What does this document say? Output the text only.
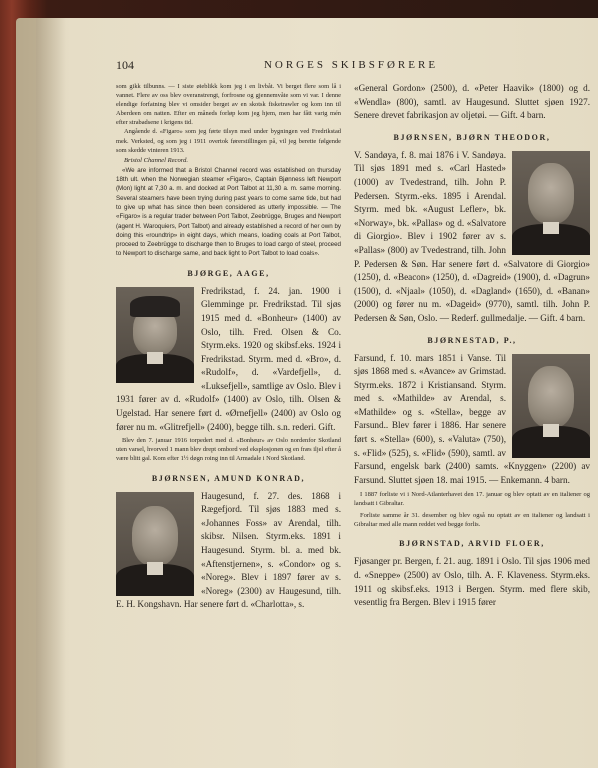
104	NORGES SKIBSFØRERE

som gikk tilbunns. — I siste øieblikk kom jeg i en livbåt. Vi berget flere som lå i vannet. Flere av oss blev overanstrengt, forfrosne og gjennemvåte som vi var. I denne elendige forfatning blev vi omsider berget av en skotsk fisketrawler og kom inn til Aberdeen om natten. Efter en måneds forløp kom jeg hjem, men har fått varig mén efter strabadsene i krigens tid.

Angående d. «Figaro» som jeg førte tilsyn med under bygningen ved Fredrikstad mek. Verksted, og som jeg i 1911 overtok førerstillingen på, vil jeg berette følgende som skedde vinteren 1913.

Bristol Channel Record.

«We are informed that a Bristol Channel record was established on thursday 18th ult. when the Norwegian steamer «Figaro», Captain Bjønness left Newport (Mon) light at 7,30 a. m. and docked at Port Talbot at 11,30 a. m. same morning. Several steamers have been trying during past years to come same tide, but had to give up what has since then been considered as utterly impossible. — The «Figaro» is a regular trader between Port Talbot, Zeebrügge, Bruges and Newport (agent H. Waroquiers, Port Talbot) and already established a record of her own by doing this «roundtrip» in eight days, which means, loading coals at Port Talbot, proceed to Zeebrügge to discharge then to Bruges to load cargo of steel, proceed to Newport to discharge same, and back light to Port Talbot to load coals».

BJØRGE, AAGE,

Fredrikstad, f. 24. jan. 1900 i Glemminge pr. Fredrikstad. Til sjøs 1915 med d. «Bonheur» (1400) av Oslo, tilh. Fred. Olsen & Co. Styrm.eks. 1920 og skibsf.eks. 1924 i Fredrikstad. Styrm. med d. «Bro», d. «Rudolf», d. «Vardefjell», d. «Luksefjell», samtlige av Oslo. Blev i 1931 fører av d. «Rudolf» (1400) av Oslo, tilh. Olsen & Ugelstad. Har senere ført d. «Ørnefjell» (2400) av Oslo og fører nu m. «Glitrefjell» (2400), begge tilh. s.n. rederi. Gift.

Blev den 7. januar 1916 torpedert med d. «Bonheur» av Oslo nordenfor Skotland uten varsel, hvorved 1 mann blev drept ombord ved eksplosjonen og en fræs iljel efter å være blitt gal. Kom efter 1½ døgn roing inn til Armadale i Nord Skotland.

BJØRNSEN, AMUND KONRAD,

Haugesund, f. 27. des. 1868 i Rægefjord. Til sjøs 1883 med s. «Johannes Foss» av Arendal, tilh. skibsr. Nilsen. Styrm.eks. 1891 i Haugesund. Styrm. bl. a. med bk. «Aftenstjernen», s. «Condor» og s. «Noreg». Blev i 1897 fører av s. «Noreg» (2300) av Haugesund, tilh. E. H. Kongshavn. Har senere ført d. «Charlotta», s.

«General Gordon» (2500), d. «Peter Haavik» (1800) og d. «Wendla» (800), samtl. av Haugesund. Sluttet sjøen 1927. Senere drevet fabrikasjon av oljetøi. — Gift. 4 barn.

BJØRNSEN, BJØRN THEODOR,

V. Sandøya, f. 8. mai 1876 i V. Sandøya. Til sjøs 1891 med s. «Carl Hasted» (1000) av Tvedestrand, tilh. John P. Pedersen. Styrm.-eks. 1895 i Arendal. Styrm. med bk. «August Lefler», bk. «Norway», bk. «Pallas» og d. «Salvatore di Giorgio». Blev i 1902 fører av s. «Pallas» (800) av Tvedestrand, tilh. John P. Pedersen & Søn. Har senere ført d. «Salvatore di Giorgio» (1250), d. «Beacon» (1250), d. «Dagreid» (1900), d. «Dagrun» (1500), d. «Njaal» (1050), d. «Dagland» (1650), d. «Banan» (2000) og fører nu m. «Dageid» (9770), samtl. tilh. John P. Pedersen & Søn, Oslo. — Rederf. gullmedalje. — Gift. 4 barn.

BJØRNESTAD, P.,

Farsund, f. 10. mars 1851 i Vanse. Til sjøs 1868 med s. «Avance» av Grimstad. Styrm.eks. 1872 i Kristiansand. Styrm. med s. «Mathilde» av Arendal, s. «Mathilde» og s. «Stella», begge av Farsund.. Blev fører i 1886. Har senere ført s. «Stella» (600), s. «Valuta» (750), s. «Flid» (525), s. «Flid» (590), samtl. av Farsund, engelsk bark (2400) samts. «Knyggen» (2200) av Farsund. Sluttet sjøen 18. mai 1915. — Enkemann. 4 barn.

I 1887 forliste vi i Nord-Atlanterhavet den 17. januar og blev optatt av en italiener og landsatt i Gibraltar.

Forliste samme år 31. desember og blev også nu optatt av en italiener og landsatt i Gibraltar med alle mann reddet ved begge forlis.

BJØRNSTAD, ARVID FLOER,

Fjøsanger pr. Bergen, f. 21. aug. 1891 i Oslo. Til sjøs 1906 med d. «Sneppe» (2500) av Oslo, tilh. A. F. Klaveness. Styrm.eks. 1911 og skibsf.eks. 1913 i Bergen. Styrm. med flere skib, vesentlig fra Bergen. Blev i 1915 fører
